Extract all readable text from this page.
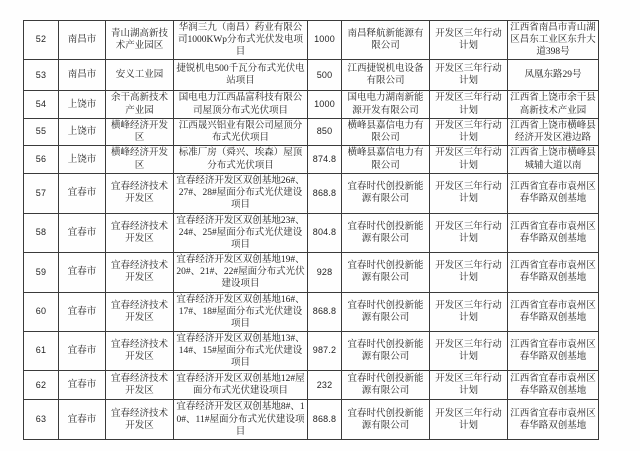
52	南昌市	青山湖高新技术产业园区	华润三九（南昌）药业有限公司1000KWp分布式光伏发电项目	1000	南昌释航新能源有限公司	开发区三年行动计划	江西省南昌市青山湖区昌东工业区东升大道398号
53	南昌市	安义工业园	捷锐机电500千瓦分布式光伏电站项目	500	江西捷锐机电设备有限公司	开发区三年行动计划	凤凰东路29号
54	上饶市	余干高新技术产业园	国电电力江西晶富科技有限公司屋顶分布式光伏项目	1000	国电电力湖南新能源开发有限公司	开发区三年行动计划	江西省上饶市余干县高新技术产业园
55	上饶市	横峰经济开发区	江西晟兴铝业有限公司屋顶分布式光伏项目	850	横峰县嘉信电力有限公司	开发区三年行动计划	江西省上饶市横峰县经济开发区港边路
56	上饶市	横峰经济开发区	标准厂房（舜兴、埃森）屋顶分布式光伏项目	874.8	横峰县嘉信电力有限公司	开发区三年行动计划	江西省上饶市横峰县城辅大道以南
57	宜春市	宜春经济技术开发区	宜春经济开发区双创基地26#、27#、28#屋面分布式光伏建设项目	868.8	宜春时代创投新能源有限公司	开发区三年行动计划	江西省宜春市袁州区春华路双创基地
58	宜春市	宜春经济技术开发区	宜春经济开发区双创基地23#、24#、25#屋面分布式光伏建设项目	804.8	宜春时代创投新能源有限公司	开发区三年行动计划	江西省宜春市袁州区春华路双创基地
59	宜春市	宜春经济技术开发区	宜春经济开发区双创基地19#、20#、21#、22#屋面分布式光伏建设项目	928	宜春时代创投新能源有限公司	开发区三年行动计划	江西省宜春市袁州区春华路双创基地
60	宜春市	宜春经济技术开发区	宜春经济开发区双创基地16#、17#、18#屋面分布式光伏建设项目	868.8	宜春时代创投新能源有限公司	开发区三年行动计划	江西省宜春市袁州区春华路双创基地
61	宜春市	宜春经济技术开发区	宜春经济开发区双创基地13#、14#、15#屋面分布式光伏建设项目	987.2	宜春时代创投新能源有限公司	开发区三年行动计划	江西省宜春市袁州区春华路双创基地
62	宜春市	宜春经济技术开发区	宜春经济开发区双创基地12#屋面分布式光伏建设项目	232	宜春时代创投新能源有限公司	开发区三年行动计划	江西省宜春市袁州区春华路双创基地
63	宜春市	宜春经济技术开发区	宜春经济开发区双创基地8#、10#、11#屋面分布式光伏建设项目	868.8	宜春时代创投新能源有限公司	开发区三年行动计划	江西省宜春市袁州区春华路双创基地
